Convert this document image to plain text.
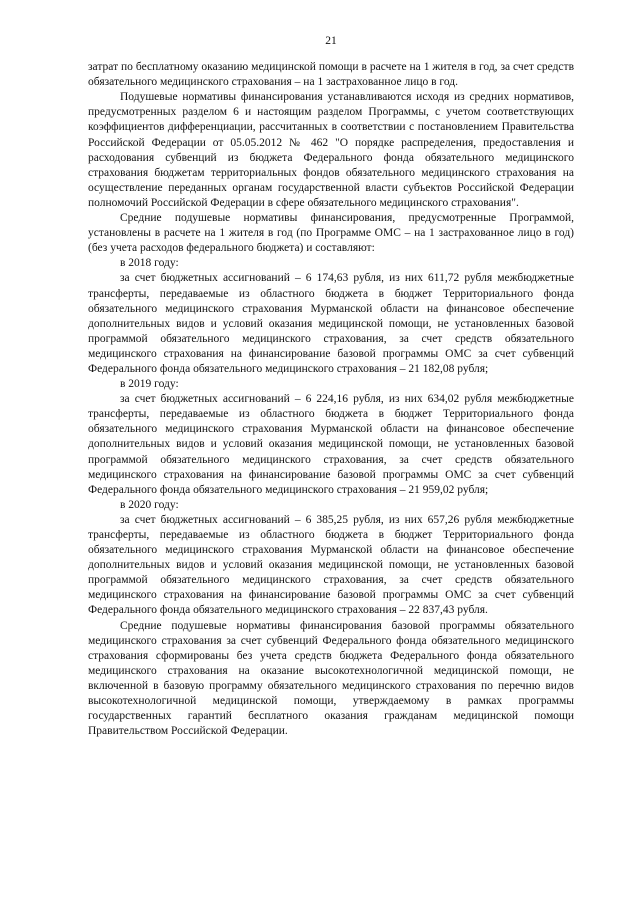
21

затрат по бесплатному оказанию медицинской помощи в расчете на 1 жителя в год, за счет средств обязательного медицинского страхования – на 1 застрахованное лицо в год.

Подушевые нормативы финансирования устанавливаются исходя из средних нормативов, предусмотренных разделом 6 и настоящим разделом Программы, с учетом соответствующих коэффициентов дифференциации, рассчитанных в соответствии с постановлением Правительства Российской Федерации от 05.05.2012 № 462 "О порядке распределения, предоставления и расходования субвенций из бюджета Федерального фонда обязательного медицинского страхования бюджетам территориальных фондов обязательного медицинского страхования на осуществление переданных органам государственной власти субъектов Российской Федерации полномочий Российской Федерации в сфере обязательного медицинского страхования".

Средние подушевые нормативы финансирования, предусмотренные Программой, установлены в расчете на 1 жителя в год (по Программе ОМС – на 1 застрахованное лицо в год) (без учета расходов федерального бюджета) и составляют:

в 2018 году:

за счет бюджетных ассигнований – 6 174,63 рубля, из них 611,72 рубля межбюджетные трансферты, передаваемые из областного бюджета в бюджет Территориального фонда обязательного медицинского страхования Мурманской области на финансовое обеспечение дополнительных видов и условий оказания медицинской помощи, не установленных базовой программой обязательного медицинского страхования, за счет средств обязательного медицинского страхования на финансирование базовой программы ОМС за счет субвенций Федерального фонда обязательного медицинского страхования – 21 182,08 рубля;

в 2019 году:

за счет бюджетных ассигнований – 6 224,16 рубля, из них 634,02 рубля межбюджетные трансферты, передаваемые из областного бюджета в бюджет Территориального фонда обязательного медицинского страхования Мурманской области на финансовое обеспечение дополнительных видов и условий оказания медицинской помощи, не установленных базовой программой обязательного медицинского страхования, за счет средств обязательного медицинского страхования на финансирование базовой программы ОМС за счет субвенций Федерального фонда обязательного медицинского страхования – 21 959,02 рубля;

в 2020 году:

за счет бюджетных ассигнований – 6 385,25 рубля, из них 657,26 рубля межбюджетные трансферты, передаваемые из областного бюджета в бюджет Территориального фонда обязательного медицинского страхования Мурманской области на финансовое обеспечение дополнительных видов и условий оказания медицинской помощи, не установленных базовой программой обязательного медицинского страхования, за счет средств обязательного медицинского страхования на финансирование базовой программы ОМС за счет субвенций Федерального фонда обязательного медицинского страхования – 22 837,43 рубля.

Средние подушевые нормативы финансирования базовой программы обязательного медицинского страхования за счет субвенций Федерального фонда обязательного медицинского страхования сформированы без учета средств бюджета Федерального фонда обязательного медицинского страхования на оказание высокотехнологичной медицинской помощи, не включенной в базовую программу обязательного медицинского страхования по перечню видов высокотехнологичной медицинской помощи, утверждаемому в рамках программы государственных гарантий бесплатного оказания гражданам медицинской помощи Правительством Российской Федерации.
